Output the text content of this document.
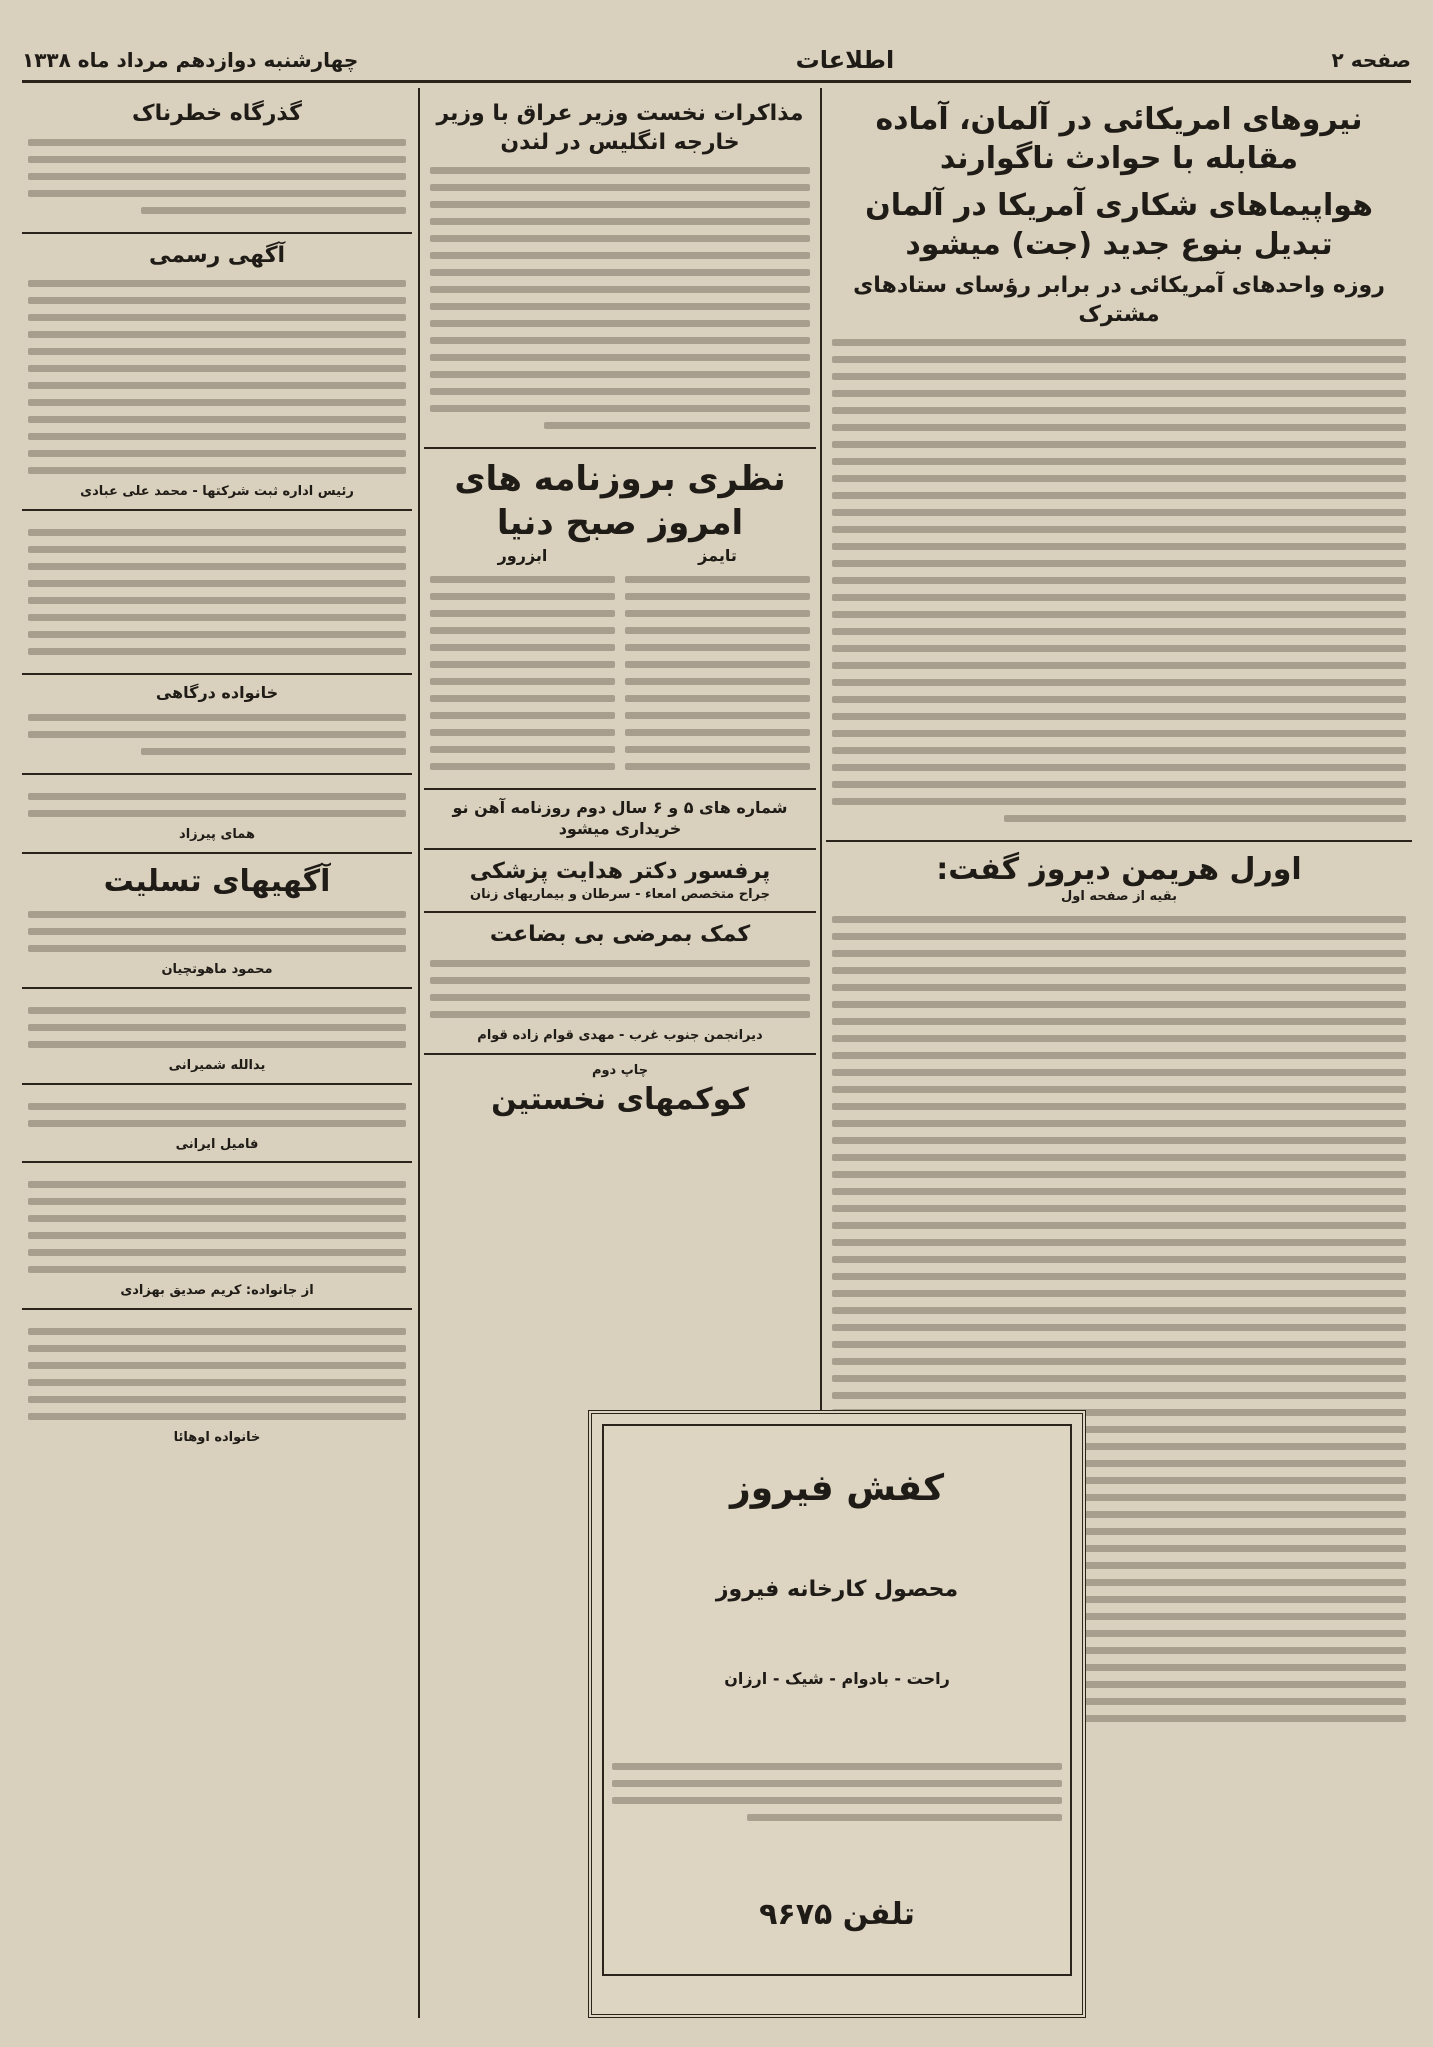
صفحه ۲
اطلاعات
چهارشنبه دوازدهم مرداد ماه ۱۳۳۸
نیروهای امریکائی در آلمان، آماده مقابله با حوادث ناگوارند
هواپیماهای شکاری آمریکا در آلمان تبدیل بنوع جدید (جت) میشود
روزه واحدهای آمریکائی در برابر رؤسای ستادهای مشترک
اورل هریمن دیروز گفت:
بقیه از صفحه اول
مذاکرات نخست وزیر عراق با وزیر خارجه انگلیس در لندن
نظری بروزنامه های امروز صبح دنیا
تایمز
ابزرور
شماره های ۵ و ۶ سال دوم روزنامه آهن نو خریداری میشود
پرفسور دکتر هدایت پزشکی
جراح متخصص امعاء - سرطان و بیماریهای زنان
کمک بمرضی بی بضاعت
دیرانجمن جنوب غرب - مهدی قوام زاده قوام
چاپ دوم
کوکمهای نخستین
گذرگاه خطرناک
آگهی رسمی
رئیس اداره ثبت شرکتها - محمد علی عبادی
خانواده درگاهی
همای پیرزاد
آگهیهای تسلیت
محمود ماهوتچیان
یدالله شمیرانی
فامیل ایرانی
از جانواده: کریم صدیق بهزادی
خانواده اوهائا
کفش فیروز
محصول کارخانه فیروز
راحت - بادوام - شیک - ارزان
تلفن ۹۶۷۵
